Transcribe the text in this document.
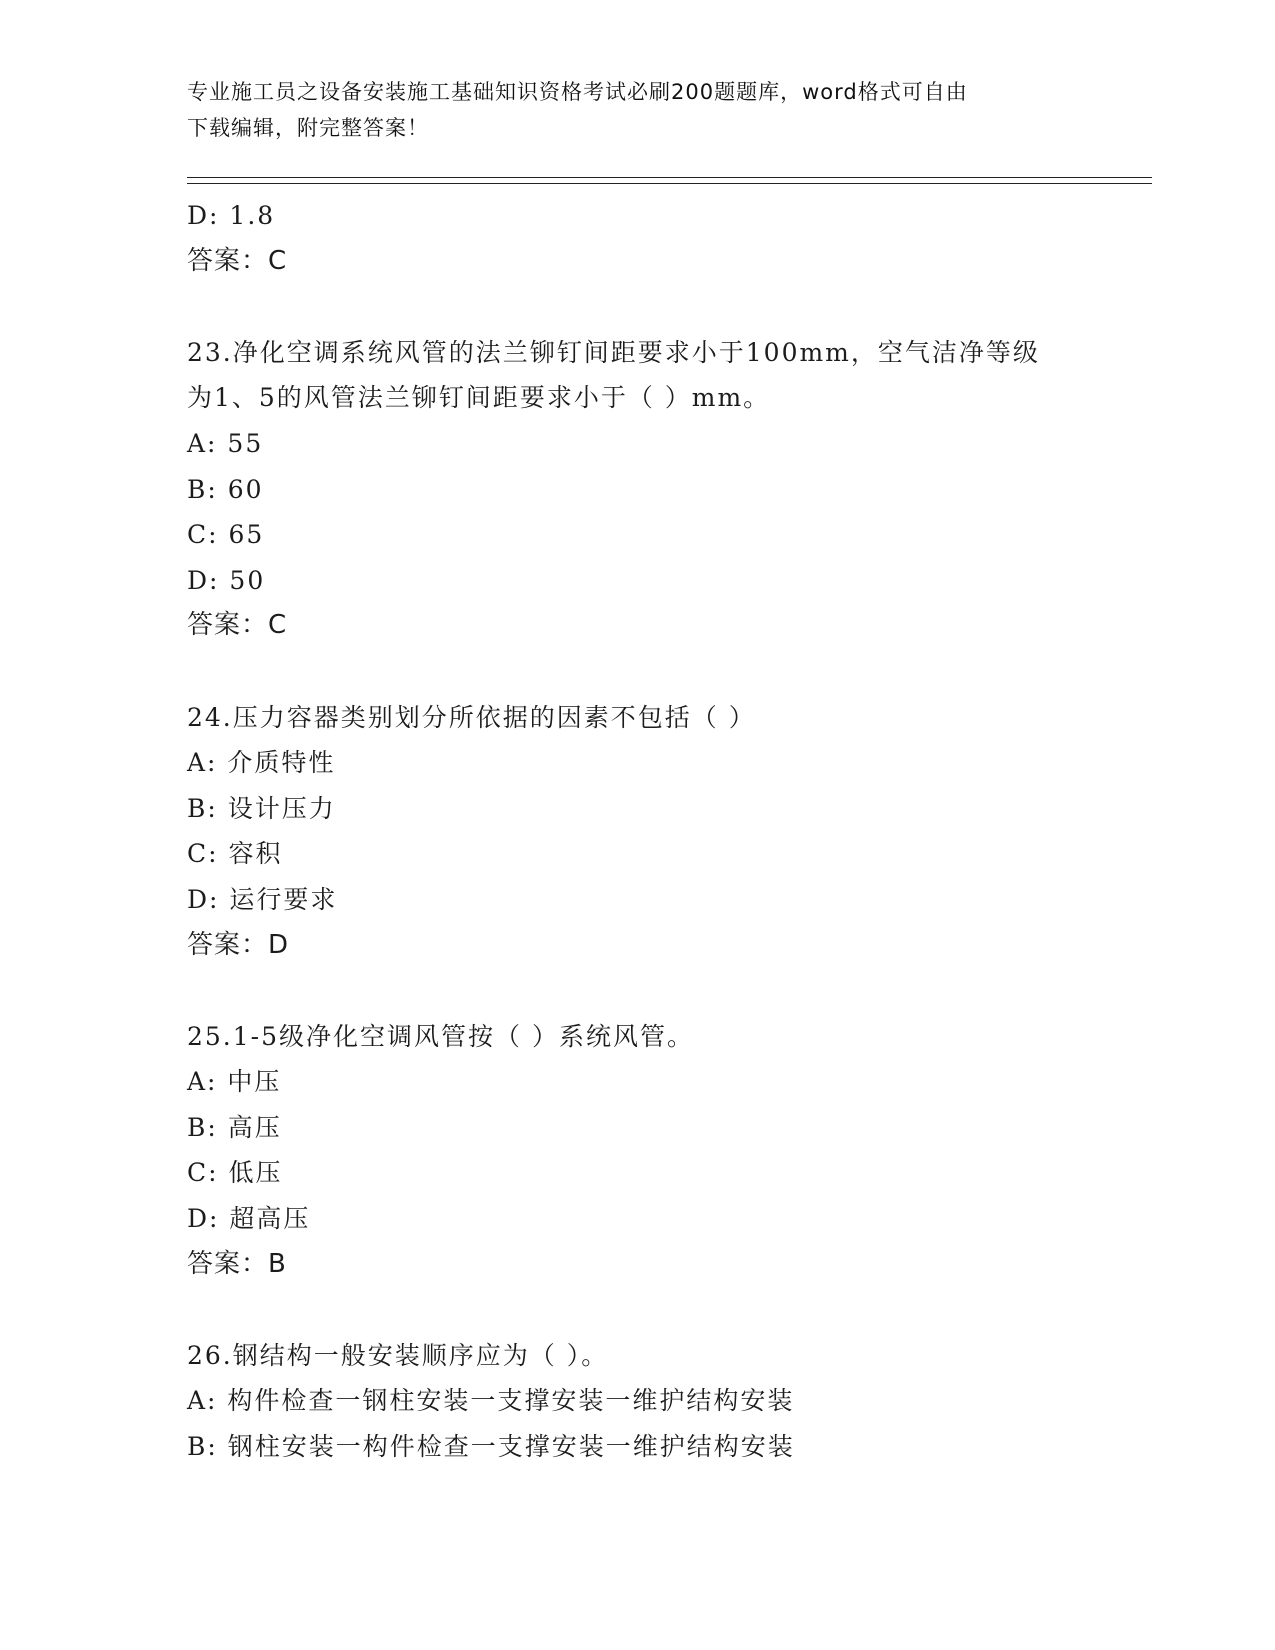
专业施工员之设备安装施工基础知识资格考试必刷200题题库，word格式可自由
下载编辑，附完整答案！
D: 1.8
答案：C
23.净化空调系统风管的法兰铆钉间距要求小于100mm，空气洁净等级
为1、5的风管法兰铆钉间距要求小于（ ）mm。
A: 55
B: 60
C: 65
D: 50
答案：C
24.压力容器类别划分所依据的因素不包括（ ）
A: 介质特性
B: 设计压力
C: 容积
D: 运行要求
答案：D
25.1-5级净化空调风管按（ ）系统风管。
A: 中压
B: 高压
C: 低压
D: 超高压
答案：B
26.钢结构一般安装顺序应为（ ）。
A: 构件检查一钢柱安装一支撑安装一维护结构安装
B: 钢柱安装一构件检查一支撑安装一维护结构安装
